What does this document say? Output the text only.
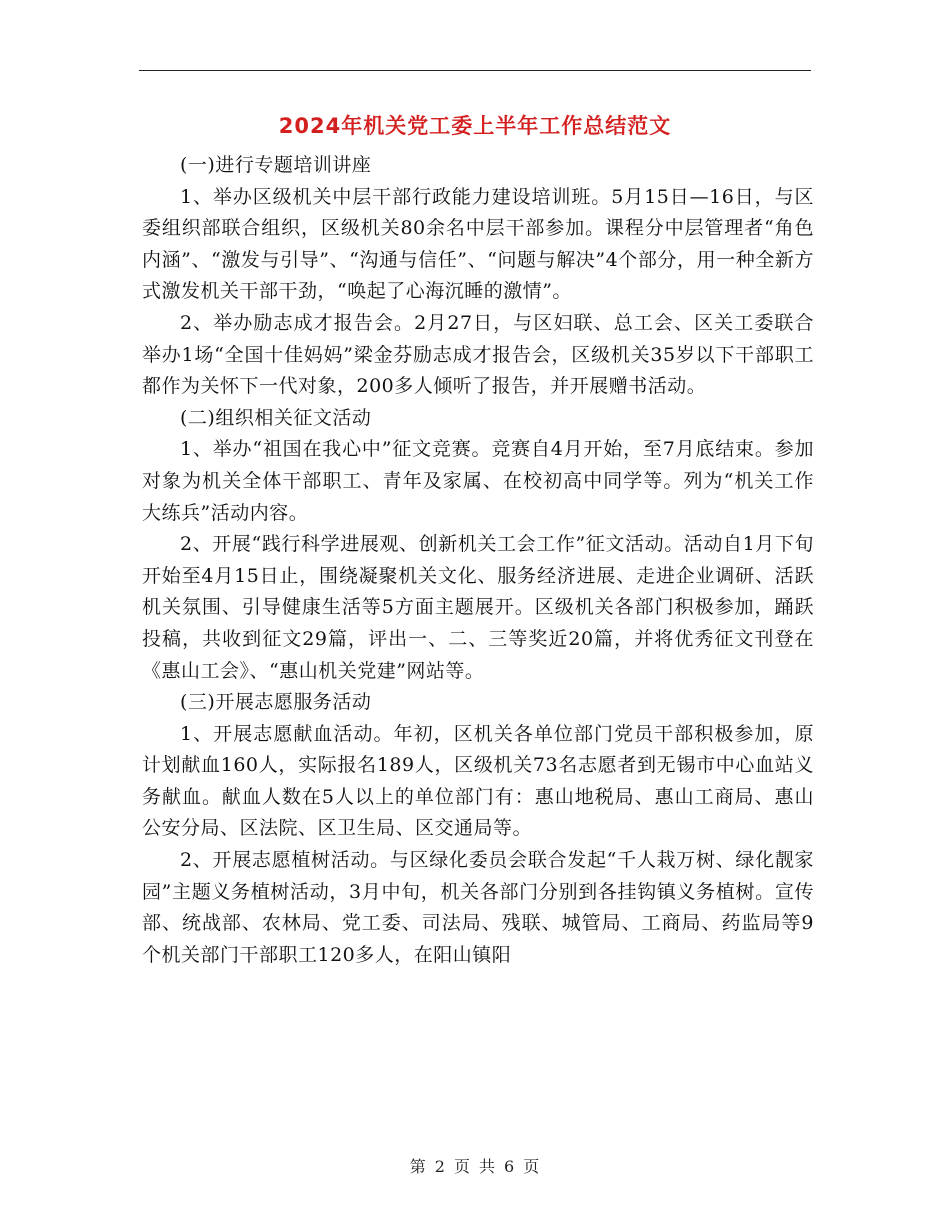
2024年机关党工委上半年工作总结范文

(一)进行专题培训讲座

1、举办区级机关中层干部行政能力建设培训班。5月15日—16日，与区委组织部联合组织，区级机关80余名中层干部参加。课程分中层管理者“角色内涵”、“激发与引导”、“沟通与信任”、“问题与解决”4个部分，用一种全新方式激发机关干部干劲，“唤起了心海沉睡的激情”。

2、举办励志成才报告会。2月27日，与区妇联、总工会、区关工委联合举办1场“全国十佳妈妈”梁金芬励志成才报告会，区级机关35岁以下干部职工都作为关怀下一代对象，200多人倾听了报告，并开展赠书活动。

(二)组织相关征文活动

1、举办“祖国在我心中”征文竞赛。竞赛自4月开始，至7月底结束。参加对象为机关全体干部职工、青年及家属、在校初高中同学等。列为“机关工作大练兵”活动内容。

2、开展“践行科学进展观、创新机关工会工作”征文活动。活动自1月下旬开始至4月15日止，围绕凝聚机关文化、服务经济进展、走进企业调研、活跃机关氛围、引导健康生活等5方面主题展开。区级机关各部门积极参加，踊跃投稿，共收到征文29篇，评出一、二、三等奖近20篇，并将优秀征文刊登在《惠山工会》、“惠山机关党建”网站等。

(三)开展志愿服务活动

1、开展志愿献血活动。年初，区机关各单位部门党员干部积极参加，原计划献血160人，实际报名189人，区级机关73名志愿者到无锡市中心血站义务献血。献血人数在5人以上的单位部门有：惠山地税局、惠山工商局、惠山公安分局、区法院、区卫生局、区交通局等。

2、开展志愿植树活动。与区绿化委员会联合发起“千人栽万树、绿化靓家园”主题义务植树活动，3月中旬，机关各部门分别到各挂钩镇义务植树。宣传部、统战部、农林局、党工委、司法局、残联、城管局、工商局、药监局等9个机关部门干部职工120多人，在阳山镇阳

第 2 页 共 6 页
